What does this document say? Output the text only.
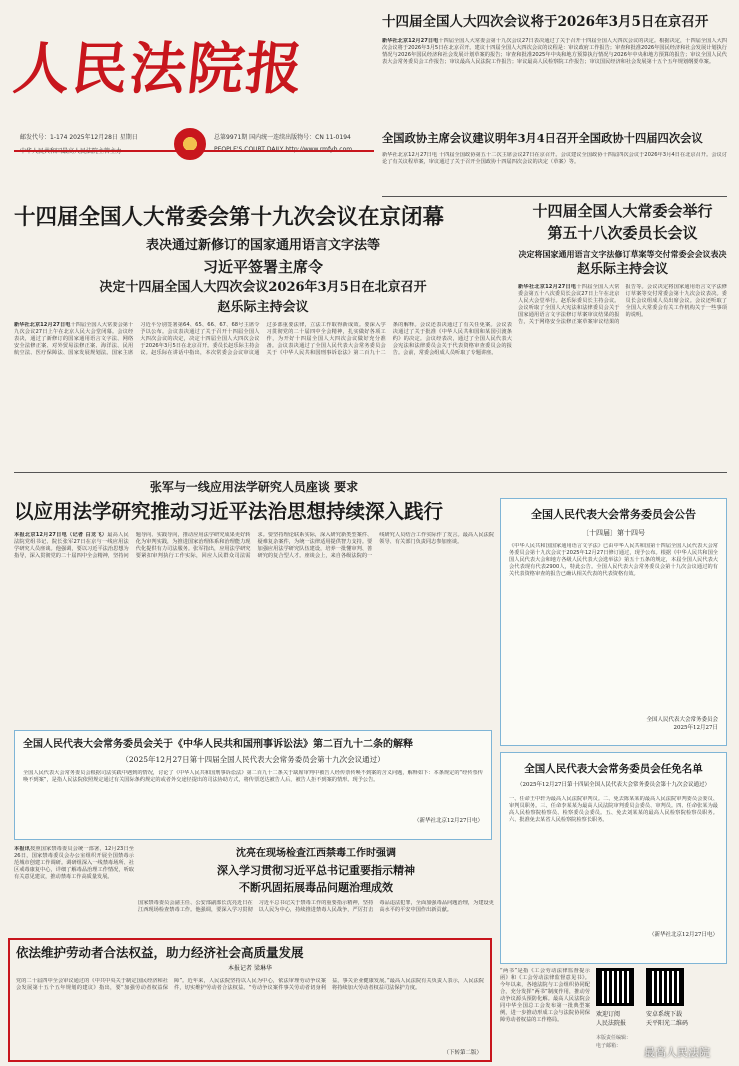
人民法院报
邮发代号：1-174 2025年12月28日 星期日	总第9971期 国内统一连续出版物号：CN 11-0194
十四届全国人大四次会议将于2026年3月5日在京召开
新华社北京12月27日电十四届全国人大常委会第十九次会议27日表决通过了关于召开十四届全国人大四次会议的决定。根据决定，十四届全国人大四次会议将于2026年3月5日在北京召开。建议十四届全国人大四次会议的议程是：审议政府工作报告；审查和批准2026年国民经济和社会发展计划执行情况与2026年国民经济和社会发展计划草案的报告；审查和批准2025年中央和地方预算执行情况与2026年中央和地方预算的报告；审议全国人民代表大会常务委员会工作报告；审议最高人民法院工作报告；审议最高人民检察院工作报告；审议国民经济和社会发展第十五个五年规划纲要草案。
全国政协主席会议建议明年3月4日召开全国政协十四届四次会议
新华社北京12月27日电 十四届全国政协第五十二次主席会议27日在京召开。会议建议全国政协十四届四次会议于2026年3月4日在北京召开。会议讨论了有关议程草案，审议通过了关于召开全国政协十四届四次会议的决定（草案）等。
十四届全国人大常委会第十九次会议在京闭幕
表决通过新修订的国家通用语言文字法等
习近平签署主席令
决定十四届全国人大四次会议2026年3月5日在北京召开
赵乐际主持会议
新华社北京12月27日电十四届全国人大常委会第十九次会议27日上午在北京人民大会堂闭幕。会议经表决，通过了新修订的国家通用语言文字法、网络安全法修正案、对外贸易法修正案、海洋法、民用航空法、医疗保障法、国家发展规划法。国家主席习近平分别签署第64、65、66、67、68号主席令予以公布。会议表决通过了关于召开十四届全国人大四次会议的决定，决定十四届全国人大四次会议于2026年3月5日在北京召开。委员长赵乐际主持会议。赵乐际在讲话中指出，本次常委会会议审议通过多部重要法律，立法工作取得新成效。要深入学习贯彻党的二十届四中全会精神，扎实做好各项工作，为开好十四届全国人大四次会议做好充分准备。会议表决通过了全国人民代表大会常务委员会关于《中华人民共和国刑事诉讼法》第二百九十二条的解释。会议还表决通过了有关任免案。会议表决通过了关于批准《中华人民共和国和某国引渡条约》的决定。会议经表决，通过了全国人民代表大会宪法和法律委员会关于代表资格审查委员会的报告。会前，常委会组成人员听取了专题讲座。
十四届全国人大常委会举行第五十八次委员长会议
决定将国家通用语言文字法修订草案等交付常委会会议表决
赵乐际主持会议
新华社北京12月27日电十四届全国人大常委会第五十八次委员长会议27日上午在北京人民大会堂举行。赵乐际委员长主持会议。会议听取了全国人大宪法和法律委员会关于国家通用语言文字法修订草案审议结果的报告，关于网络安全法修正案草案审议结果的报告等。会议决定将国家通用语言文字法修订草案等交付常委会第十九次会议表决。委员长会议组成人员出席会议。会议还听取了全国人大常委会有关工作机构关于一些事项的说明。
张军与一线应用法学研究人员座谈 要求
以应用法学研究推动习近平法治思想持续深入践行
本报北京12月27日电（记者 白龙飞）最高人民法院党组书记、院长张军27日在京与一线应用法学研究人员座谈。他强调，要以习近平法治思想为指导，深入贯彻党的二十届四中全会精神，坚持问题导向、实践导向，推动应用法学研究成果更好转化为审判实践，为推进国家治理体系和治理能力现代化提供有力司法服务。张军指出，应用法学研究要紧扣审判执行工作实际，回应人民群众司法需求。要坚持理论联系实际，深入研究新类型案件、疑难复杂案件，为统一法律适用提供智力支持。要加强应用法学研究队伍建设，培养一批懂审判、善研究的复合型人才。座谈会上，来自各级法院的一线研究人员结合工作实际作了发言。最高人民法院领导、有关部门负责同志参加座谈。
全国人民代表大会常务委员会公告
〔十四届〕第十四号
《中华人民共和国国家通用语言文字法》已由中华人民共和国第十四届全国人民代表大会常务委员会第十九次会议于2025年12月27日修订通过，现予公布。根据《中华人民共和国全国人民代表大会和地方各级人民代表大会选举法》第五十五条的规定，本届全国人民代表大会代表现有代表2900人，特此公告。全国人民代表大会常务委员会第十九次会议通过的有关代表资格审查的报告已确认相关代表的代表资格有效。
全国人民代表大会常务委员会
2025年12月27日
全国人民代表大会常务委员会关于《中华人民共和国刑事诉讼法》第二百九十二条的解释
（2025年12月27日第十四届全国人民代表大会常务委员会第十九次会议通过）
全国人民代表大会常务委员会根据司法实践中遇到的情况，讨论了《中华人民共和国刑事诉讼法》第二百九十二条关于缺席审判中被告人经传票传唤不到案的含义问题，解释如下：本条规定的“经传票传唤不到案”，是指人民法院依照规定通过有关国际条约规定的或者外交途径提出的司法协助方式，将传票送达被告人后，被告人拒不到案的情形。现予公告。
（新华社北京12月27日电）
全国人民代表大会常务委员会任免名单
（2025年12月27日第十四届全国人民代表大会常务委员会第十九次会议通过）
一、任命王中轩为最高人民法院审判员。二、免去陈某某的最高人民法院审判委员会委员、审判员职务。三、任命李某某为最高人民法院审判委员会委员、审判员。四、任命张某为最高人民检察院检察员、检察委员会委员。五、免去刘某某的最高人民检察院检察员职务。六、批准免去某省人民检察院检察长职务。
（新华社北京12月27日电）
本报讯按照国家禁毒委员会统一部署，12月23日至26日，国家禁毒委员会办公室组织开展全国禁毒示范城市创建工作调研。调研组深入一线禁毒场所、社区戒毒康复中心，详细了解毒品治理工作情况，听取有关意见建议，推动禁毒工作高质量发展。
沈亮在现场检查江西禁毒工作时强调
深入学习贯彻习近平总书记重要指示精神
不断巩固拓展毒品问题治理成效
国家禁毒委员会副主任、公安部副部长沈亮近日在江西现场检查禁毒工作。他强调，要深入学习贯彻习近平总书记关于禁毒工作的重要指示精神，坚持以人民为中心，持续推进禁毒人民战争，严厉打击毒品违法犯罪，全面加强毒品问题治理，为建设更高水平的平安中国作出新贡献。
依法维护劳动者合法权益，助力经济社会高质量发展
本报记者 梁琳华
党的二十届四中全会审议通过的《中共中央关于制定国民经济和社会发展第十五个五年规划的建议》指出，要“加强劳动者权益保障”。近年来，人民法院坚持以人民为中心，依法审理劳动争议案件，切实维护劳动者合法权益。“劳动争议案件事关劳动者切身利益，事关企业健康发展。”最高人民法院有关负责人表示，人民法院将持续加大劳动者权益司法保护力度。
（下转第二版）
“两书”是指《工会劳动法律监督提示函》和《工会劳动法律监督意见书》。今年以来，各地法院与工会组织协同配合，充分发挥“两书”制度作用，推动劳动争议源头预防化解。最高人民法院会同中华全国总工会发布第一批典型案例，进一步推动形成工会与法院协同保障劳动者权益的工作格局。
欢迎订阅
人民法院报
安卓系统下载
天平阳光二维码
本版责任编辑：
电子邮箱：	最高人民法院
